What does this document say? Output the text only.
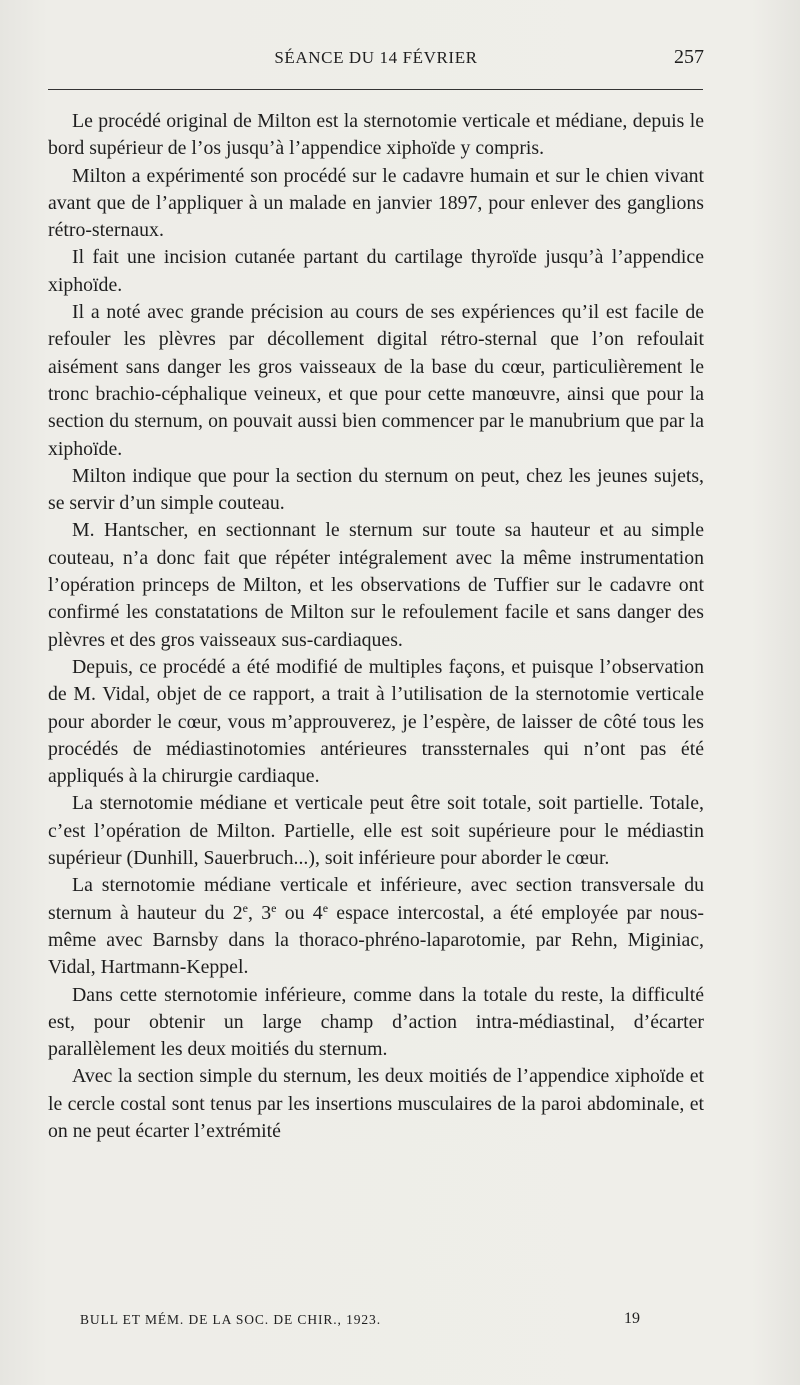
SÉANCE DU 14 FÉVRIER	257

Le procédé original de Milton est la sternotomie verticale et médiane, depuis le bord supérieur de l’os jusqu’à l’appendice xiphoïde y compris.

Milton a expérimenté son procédé sur le cadavre humain et sur le chien vivant avant que de l’appliquer à un malade en janvier 1897, pour enlever des ganglions rétro-sternaux.

Il fait une incision cutanée partant du cartilage thyroïde jusqu’à l’appendice xiphoïde.

Il a noté avec grande précision au cours de ses expériences qu’il est facile de refouler les plèvres par décollement digital rétro-sternal que l’on refoulait aisément sans danger les gros vaisseaux de la base du cœur, particulièrement le tronc brachio-céphalique veineux, et que pour cette manœuvre, ainsi que pour la section du sternum, on pouvait aussi bien commencer par le manubrium que par la xiphoïde.

Milton indique que pour la section du sternum on peut, chez les jeunes sujets, se servir d’un simple couteau.

M. Hantscher, en sectionnant le sternum sur toute sa hauteur et au simple couteau, n’a donc fait que répéter intégralement avec la même instrumentation l’opération princeps de Milton, et les observations de Tuffier sur le cadavre ont confirmé les constatations de Milton sur le refoulement facile et sans danger des plèvres et des gros vaisseaux sus-cardiaques.

Depuis, ce procédé a été modifié de multiples façons, et puisque l’observation de M. Vidal, objet de ce rapport, a trait à l’utilisation de la sternotomie verticale pour aborder le cœur, vous m’approuverez, je l’espère, de laisser de côté tous les procédés de médiastinotomies antérieures transsternales qui n’ont pas été appliqués à la chirurgie cardiaque.

La sternotomie médiane et verticale peut être soit totale, soit partielle. Totale, c’est l’opération de Milton. Partielle, elle est soit supérieure pour le médiastin supérieur (Dunhill, Sauerbruch...), soit inférieure pour aborder le cœur.

La sternotomie médiane verticale et inférieure, avec section transversale du sternum à hauteur du 2e, 3e ou 4e espace intercostal, a été employée par nous-même avec Barnsby dans la thoraco-phréno-laparotomie, par Rehn, Miginiac, Vidal, Hartmann-Keppel.

Dans cette sternotomie inférieure, comme dans la totale du reste, la difficulté est, pour obtenir un large champ d’action intra-médiastinal, d’écarter parallèlement les deux moitiés du sternum.

Avec la section simple du sternum, les deux moitiés de l’appendice xiphoïde et le cercle costal sont tenus par les insertions musculaires de la paroi abdominale, et on ne peut écarter l’extrémité

BULL ET MÉM. DE LA SOC. DE CHIR., 1923.	19
